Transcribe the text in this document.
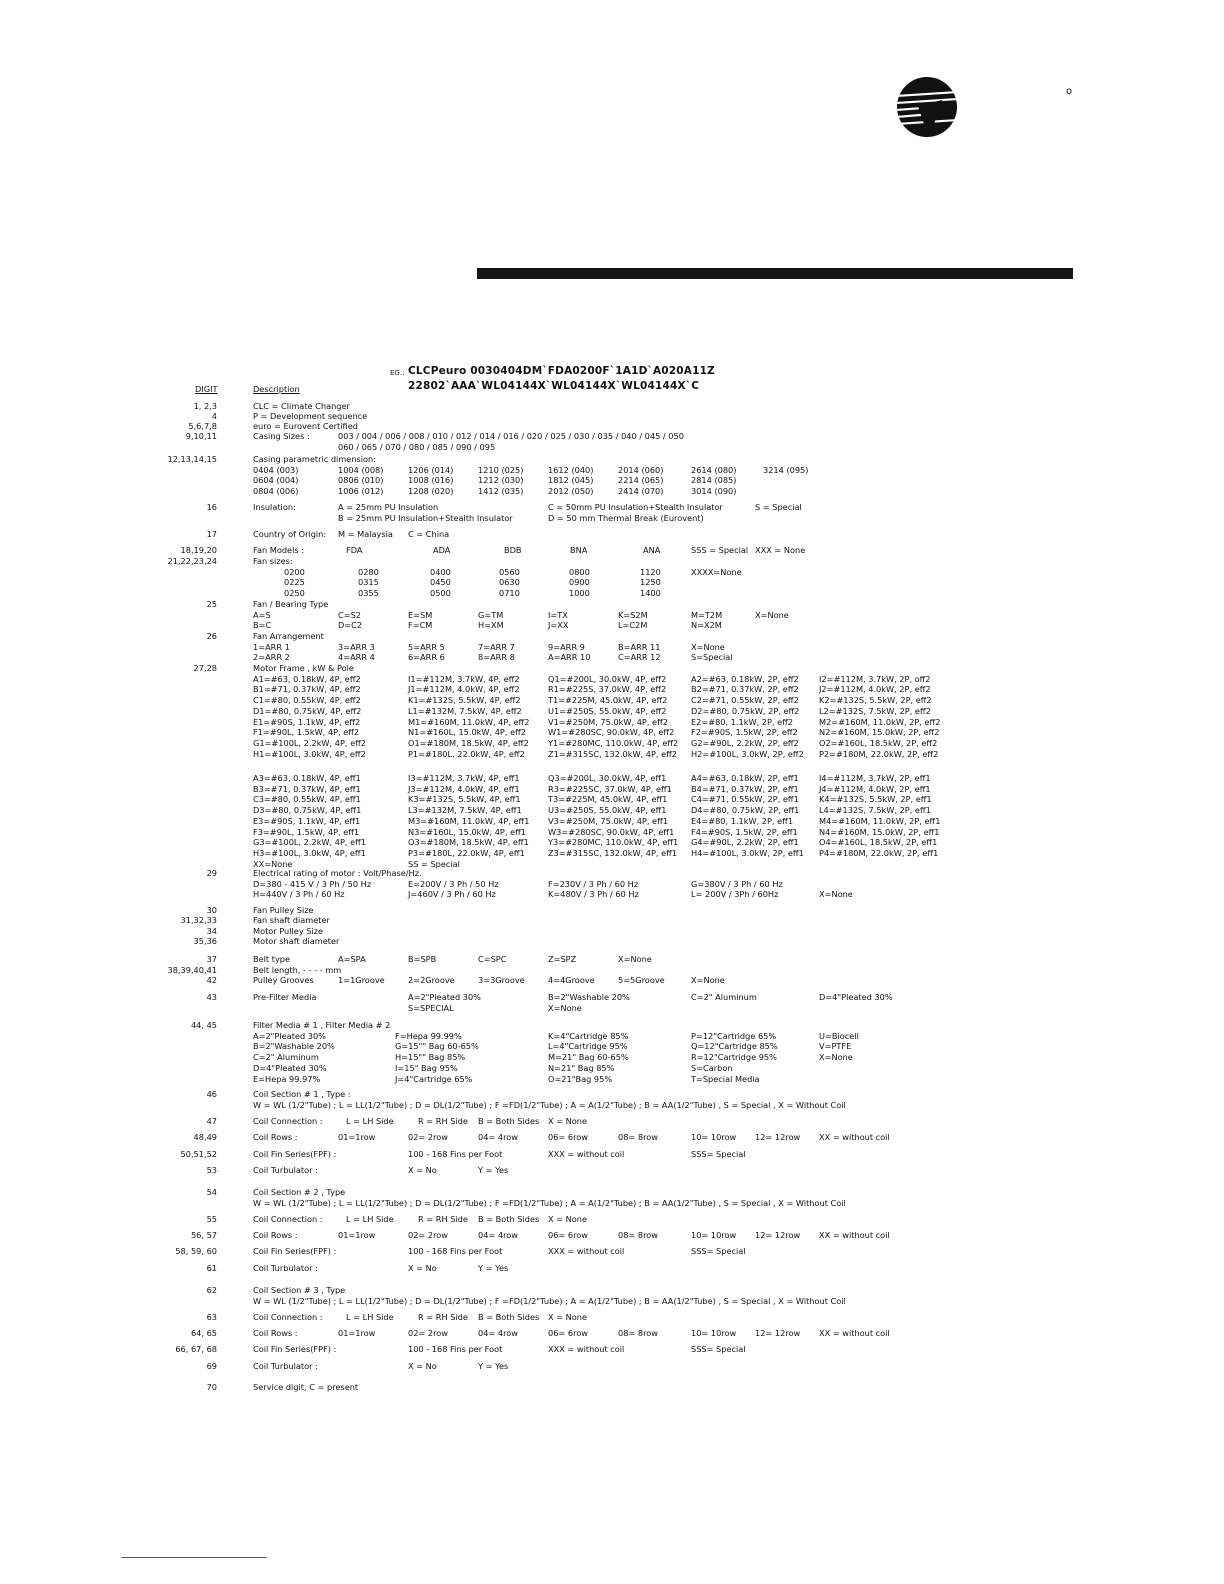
o
EG.: CLCPeuro 0030404DM`FDA0200F`1A1D`A020A11Z
22802`AAA`WL04144X`WL04144X`WL04144X`C
DIGIT	Description
1, 2,3	CLC = Climate Changer
4	P = Development sequence
5,6,7,8	euro = Eurovent Certified
9,10,11	Casing Sizes :	003 / 004 / 006 / 008 / 010 / 012 / 014 / 016 / 020 / 025 / 030 / 035 / 040 / 045 / 050
060 / 065 / 070 / 080 / 085 / 090 / 095
12,13,14,15	Casing parametric dimension:
0404 (003)	1004 (008)	1206 (014)	1210 (025)	1612 (040)	2014 (060)	2614 (080)	3214 (095)
0604 (004)	0806 (010)	1008 (016)	1212 (030)	1812 (045)	2214 (065)	2814 (085)
0804 (006)	1006 (012)	1208 (020)	1412 (035)	2012 (050)	2414 (070)	3014 (090)
16	Insulation:	A = 25mm PU Insulation	C = 50mm PU Insulation+Stealth Insulator	S = Special
B = 25mm PU Insulation+Stealth Insulator	D = 50 mm Thermal Break (Eurovent)
17	Country of Origin: M = Malaysia C = China
18,19,20	Fan Models :	FDA	ADA	BDB	BNA	ANA	SSS = Special XXX = None
21,22,23,24	Fan sizes:
0200	0280	0400	0560	0800	1120	XXXX=None
0225	0315	0450	0630	0900	1250
0250	0355	0500	0710	1000	1400
25	Fan / Bearing Type
A=S	C=S2	E=SM	G=TM	I=TX	K=S2M	M=T2M	X=None
B=C	D=C2	F=CM	H=XM	J=XX	L=C2M	N=X2M
26	Fan Arrangement
1=ARR 1	3=ARR 3	5=ARR 5	7=ARR 7	9=ARR 9	B=ARR 11	X=None
2=ARR 2	4=ARR 4	6=ARR 6	8=ARR 8	A=ARR 10	C=ARR 12	S=Special
27,28	Motor Frame , kW & Pole
A1=#63, 0.18kW, 4P, eff2	I1=#112M, 3.7kW, 4P, eff2	Q1=#200L, 30.0kW, 4P, eff2	A2=#63, 0.18kW, 2P, eff2 I2=#112M, 3.7kW, 2P, off2
B1=#71, 0.37kW, 4P, eff2	J1=#112M, 4.0kW, 4P, eff2	R1=#225S, 37.0kW, 4P, eff2	B2=#71, 0.37kW, 2P, eff2 J2=#112M, 4.0kW, 2P, eff2
C1=#80, 0.55kW, 4P, eff2	K1=#132S, 5.5kW, 4P, eff2	T1=#225M, 45.0kW, 4P, eff2	C2=#71, 0.55kW, 2P, eff2 K2=#132S, 5.5kW, 2P, eff2
D1=#80, 0.75kW, 4P, eff2	L1=#132M, 7.5kW, 4P, eff2	U1=#250S, 55.0kW, 4P, eff2	D2=#80, 0.75kW, 2P, eff2 L2=#132S, 7.5kW, 2P, eff2
E1=#90S, 1.1kW, 4P, eff2	M1=#160M, 11.0kW, 4P, eff2 V1=#250M, 75.0kW, 4P, eff2	E2=#80, 1.1kW, 2P, eff2	M2=#160M, 11.0kW, 2P, eff2
F1=#90L, 1.5kW, 4P, eff2	N1=#160L, 15.0kW, 4P, eff2	W1=#280SC, 90.0kW, 4P, eff2 F2=#90S, 1.5kW, 2P, eff2	N2=#160M, 15.0kW, 2P, eff2
G1=#100L, 2.2kW, 4P, eff2	O1=#180M, 18.5kW, 4P, eff2 Y1=#280MC, 110.0kW, 4P, eff2 G2=#90L, 2.2kW, 2P, eff2 O2=#160L, 18.5kW, 2P, eff2
H1=#100L, 3.0kW, 4P, eff2	P1=#180L, 22.0kW, 4P, eff2	Z1=#315SC, 132.0kW, 4P, eff2 H2=#100L, 3.0kW, 2P, eff2 P2=#180M, 22.0kW, 2P, eff2
A3=#63, 0.18kW, 4P, eff1	I3=#112M, 3.7kW, 4P, eff1	Q3=#200L, 30.0kW, 4P, eff1	A4=#63, 0.18kW, 2P, eff1 I4=#112M, 3.7kW, 2P, eff1
B3=#71, 0.37kW, 4P, eff1	J3=#112M, 4.0kW, 4P, eff1	R3=#225SC, 37.0kW, 4P, eff1 B4=#71, 0.37kW, 2P, eff1 J4=#112M, 4.0kW, 2P, eff1
C3=#80, 0.55kW, 4P, eff1	K3=#132S, 5.5kW, 4P, eff1	T3=#225M, 45.0kW, 4P, eff1	C4=#71, 0.55kW, 2P, eff1 K4=#132S, 5.5kW, 2P, eff1
D3=#80, 0.75kW, 4P, eff1	L3=#132M, 7.5kW, 4P, eff1	U3=#250S, 55.0kW, 4P, eff1	D4=#80, 0.75kW, 2P, eff1 L4=#132S, 7.5kW, 2P, eff1
E3=#90S, 1.1kW, 4P, eff1	M3=#160M, 11.0kW, 4P, eff1 V3=#250M, 75.0kW, 4P, eff1	E4=#80, 1.1kW, 2P, eff1	M4=#160M, 11.0kW, 2P, eff1
F3=#90L, 1.5kW, 4P, eff1	N3=#160L, 15.0kW, 4P, eff1	W3=#280SC, 90.0kW, 4P, eff1 F4=#90S, 1.5kW, 2P, eff1	N4=#160M, 15.0kW, 2P, eff1
G3=#100L, 2.2kW, 4P, eff1	O3=#180M, 18.5kW, 4P, eff1 Y3=#280MC, 110.0kW, 4P, eff1 G4=#90L, 2.2kW, 2P, eff1 O4=#160L, 18.5kW, 2P, eff1
H3=#100L, 3.0kW, 4P, eff1	P3=#180L, 22.0kW, 4P, eff1	Z3=#315SC, 132.0kW, 4P, eff1 H4=#100L, 3.0kW, 2P, eff1 P4=#180M, 22.0kW, 2P, eff1
XX=None	SS = Special
29	Electrical rating of motor : Volt/Phase/Hz.
D=380 - 415 V / 3 Ph / 50 Hz	E=200V / 3 Ph / 50 Hz	F=230V / 3 Ph / 60 Hz	G=380V / 3 Ph / 60 Hz
H=440V / 3 Ph / 60 Hz	J=460V / 3 Ph / 60 Hz	K=480V / 3 Ph / 60 Hz	L= 200V / 3Ph / 60Hz	X=None
30	Fan Pulley Size
31,32,33	Fan shaft diameter
34	Motor Pulley Size
35,36	Motor shaft diameter
37	Belt type	A=SPA	B=SPB	C=SPC	Z=SPZ	X=None
38,39,40,41	Belt length, - - - - mm
42	Pulley Grooves	1=1Groove	2=2Groove	3=3Groove	4=4Groove	5=5Groove	X=None
43	Pre-Filter Media	A=2"Pleated 30%	B=2"Washable 20%	C=2" Aluminum	D=4"Pleated 30%
S=SPECIAL	X=None
44, 45	Filter Media # 1 , Filter Media # 2
A=2"Pleated 30%	F=Hepa 99.99%	K=4"Cartridge 85%	P=12"Cartridge 65%	U=Biocell
B=2"Washable 20%	G=15"" Bag 60-65%	L=4"Cartridge 95%	Q=12"Cartridge 85%	V=PTFE
C=2" Aluminum	H=15"" Bag 85%	M=21" Bag 60-65%	R=12"Cartridge 95%	X=None
D=4"Pleated 30%	I=15" Bag 95%	N=21" Bag 85%	S=Carbon
E=Hepa 99.97%	J=4"Cartridge 65%	O=21"Bag 95%	T=Special Media
46	Coil Section # 1 , Type :
W = WL (1/2"Tube) ; L = LL(1/2"Tube) ; D = DL(1/2"Tube) ; F =FD(1/2"Tube) ; A = A(1/2"Tube) ; B = AA(1/2"Tube) , S = Special , X = Without Coil
47	Coil Connection :	L = LH Side	R = RH Side B = Both Sides X = None
48,49	Coil Rows :	01=1row	02= 2row	04= 4row	06= 6row	08= 8row	10= 10row 12= 12row XX = without coil
50,51,52	Coil Fin Series(FPF) :	100 - 168 Fins per Foot	XXX = without coil	SSS= Special
53	Coil Turbulator :	X = No	Y = Yes
54	Coil Section # 2 , Type
W = WL (1/2"Tube) ; L = LL(1/2"Tube) ; D = DL(1/2"Tube) ; F =FD(1/2"Tube) ; A = A(1/2"Tube) ; B = AA(1/2"Tube) , S = Special , X = Without Coil
55	Coil Connection :	L = LH Side	R = RH Side B = Both Sides X = None
56, 57	Coil Rows :	01=1row	02= 2row	04= 4row	06= 6row	08= 8row	10= 10row 12= 12row XX = without coil
58, 59, 60	Coil Fin Series(FPF) :	100 - 168 Fins per Foot	XXX = without coil	SSS= Special
61	Coil Turbulator :	X = No	Y = Yes
62	Coil Section # 3 , Type
W = WL (1/2"Tube) ; L = LL(1/2"Tube) ; D = DL(1/2"Tube) ; F =FD(1/2"Tube) ; A = A(1/2"Tube) ; B = AA(1/2"Tube) , S = Special , X = Without Coil
63	Coil Connection :	L = LH Side	R = RH Side B = Both Sides X = None
64, 65	Coil Rows :	01=1row	02= 2row	04= 4row	06= 6row	08= 8row	10= 10row 12= 12row XX = without coil
66, 67, 68	Coil Fin Series(FPF) :	100 - 168 Fins per Foot	XXX = without coil	SSS= Special
69	Coil Turbulator :	X = No	Y = Yes
70	Service digit, C = present
